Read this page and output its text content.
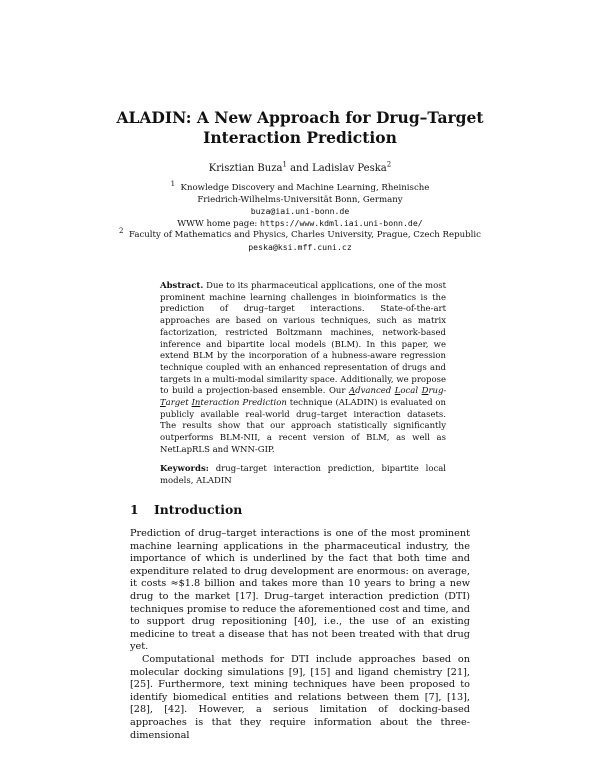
ALADIN: A New Approach for Drug–Target
Interaction Prediction
Krisztian Buza$^1$ and Ladislav Peska$^2$
$^1$ Knowledge Discovery and Machine Learning, Rheinische
Friedrich-Wilhelms-Universität Bonn, Germany
buza@iai.uni-bonn.de
WWW home page: https://www.kdml.iai.uni-bonn.de/
$^2$ Faculty of Mathematics and Physics, Charles University, Prague, Czech Republic
peska@ksi.mff.cuni.cz
Abstract. Due to its pharmaceutical applications, one of the most prominent machine learning challenges in bioinformatics is the prediction of drug–target interactions. State-of-the-art approaches are based on various techniques, such as matrix factorization, restricted Boltzmann machines, network-based inference and bipartite local models (BLM). In this paper, we extend BLM by the incorporation of a hubness-aware regression technique coupled with an enhanced representation of drugs and targets in a multi-modal similarity space. Additionally, we propose to build a projection-based ensemble. Our Advanced Local Drug-Target Interaction Prediction technique (ALADIN) is evaluated on publicly available real-world drug–target interaction datasets. The results show that our approach statistically significantly outperforms BLM-NII, a recent version of BLM, as well as NetLapRLS and WNN-GIP.
Keywords: drug–target interaction prediction, bipartite local models, ALADIN
1 Introduction

Prediction of drug–target interactions is one of the most prominent machine learning applications in the pharmaceutical industry, the importance of which is underlined by the fact that both time and expenditure related to drug development are enormous: on average, it costs ≈$1.8 billion and takes more than 10 years to bring a new drug to the market [17]. Drug–target interaction prediction (DTI) techniques promise to reduce the aforementioned cost and time, and to support drug repositioning [40], i.e., the use of an existing medicine to treat a disease that has not been treated with that drug yet.

Computational methods for DTI include approaches based on molecular docking simulations [9], [15] and ligand chemistry [21], [25]. Furthermore, text mining techniques have been proposed to identify biomedical entities and relations between them [7], [13], [28], [42]. However, a serious limitation of docking-based approaches is that they require information about the three-dimensional
